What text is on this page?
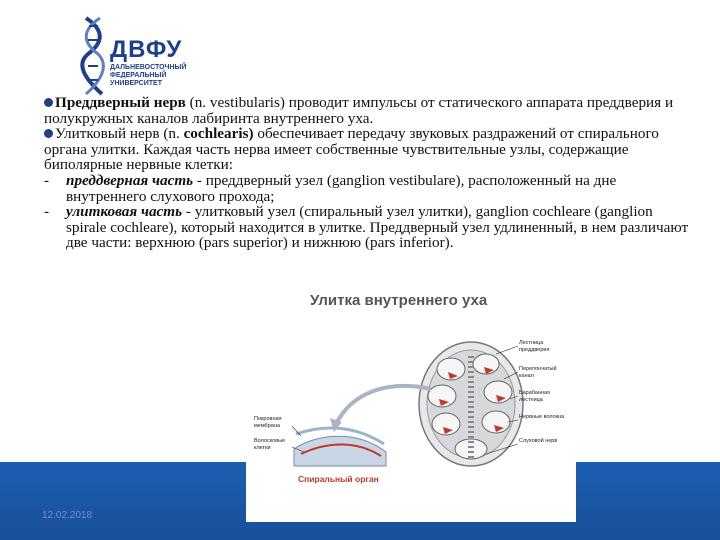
ДВФУ
ДАЛЬНЕВОСТОЧНЫЙ ФЕДЕРАЛЬНЫЙ УНИВЕРСИТЕТ

Преддверный нерв (n. vestibularis) проводит импульсы от статического аппарата преддверия и полукружных каналов лабиринта внутреннего уха.

Улитковый нерв (n. cochlearis) обеспечивает передачу звуковых раздражений от спирального органа улитки. Каждая часть нерва имеет собственные чувствительные узлы, содержащие биполярные нервные клетки:

-	преддверная часть - преддверный узел (ganglion vestibulare), расположенный на дне внутреннего слухового прохода;
-	улитковая часть - улитковый узел (спиральный узел улитки), ganglion cochleare (ganglion spirale cochleare), который находится в улитке. Преддверный узел удлиненный, в нем различают две части: верхнюю (pars superior) и нижнюю (pars inferior).
12.02.2018
Улитка внутреннего уха
Лестница преддверия
Перепончатый канал
Барабанная лестница
Нервные волокна
Слуховой нерв
Покровная мембрана
Волосковые клетки
Спиральный орган
